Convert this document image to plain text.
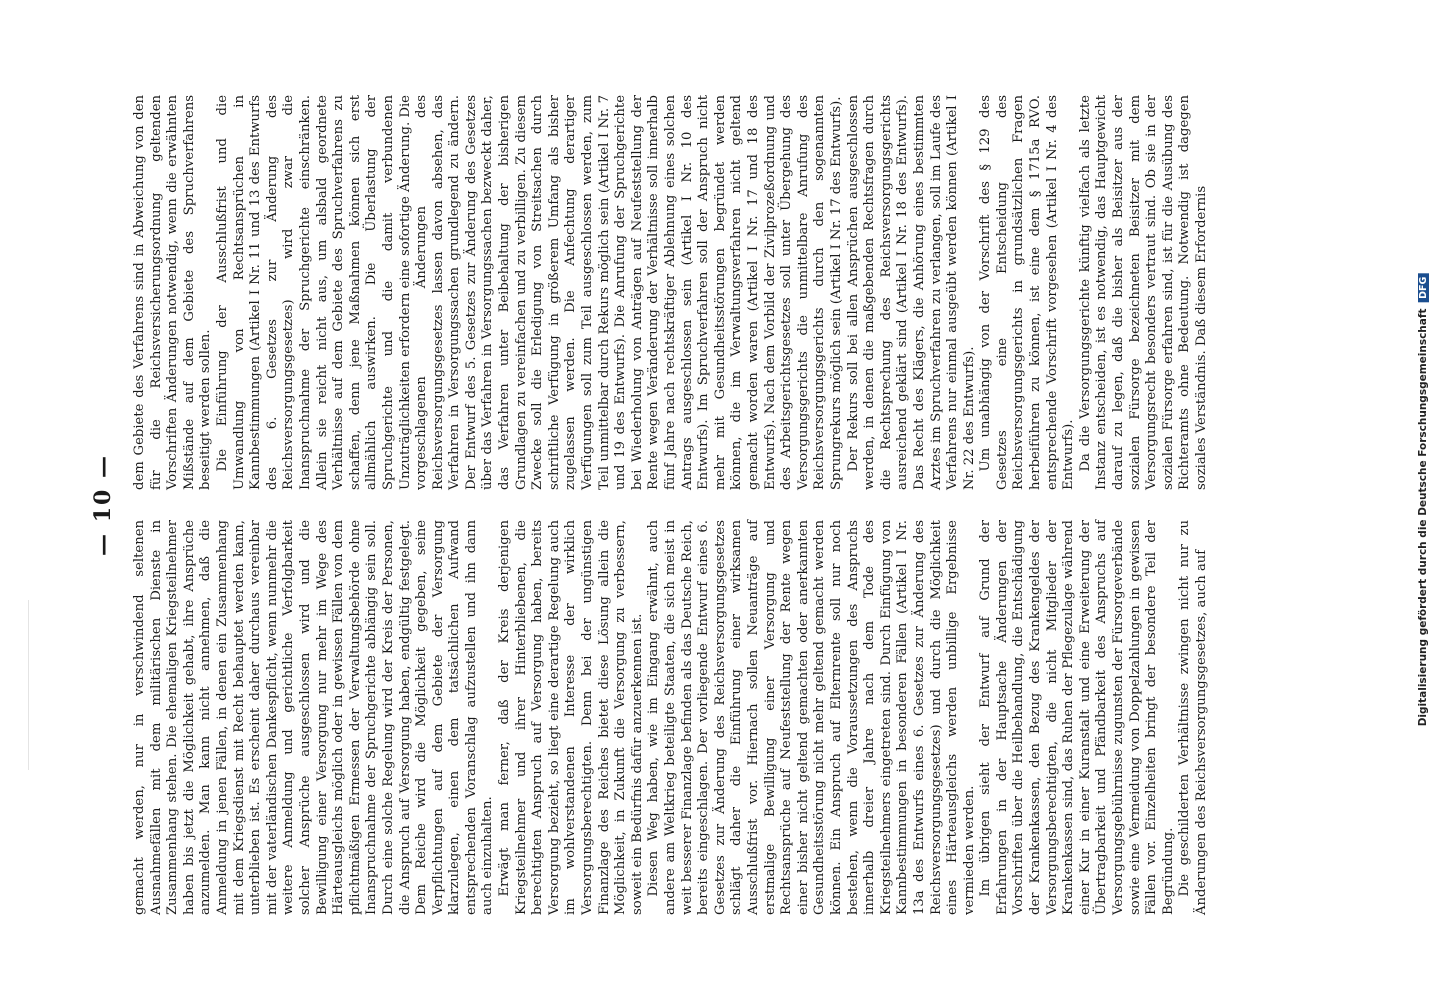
— 10 —

gemacht werden, nur in verschwindend seltenen Ausnahmefällen mit dem militärischen Dienste in Zusammenhang stehen. Die ehemaligen Kriegsteilnehmer haben bis jetzt die Möglichkeit gehabt, ihre Ansprüche anzumelden. Man kann nicht annehmen, daß die Anmeldung in jenen Fällen, in denen ein Zusammenhang mit dem Kriegsdienst mit Recht behauptet werden kann, unterblieben ist. Es erscheint daher durchaus vereinbar mit der vaterländischen Dankespflicht, wenn nunmehr die weitere Anmeldung und gerichtliche Verfolgbarkeit solcher Ansprüche ausgeschlossen wird und die Bewilligung einer Versorgung nur mehr im Wege des Härteausgleichs möglich oder in gewissen Fällen von dem pflichtmäßigen Ermessen der Verwaltungsbehörde ohne Inanspruchnahme der Spruchgerichte abhängig sein soll. Durch eine solche Regelung wird der Kreis der Personen, die Anspruch auf Versorgung haben, endgültig festgelegt. Dem Reiche wird die Möglichkeit gegeben, seine Verpflichtungen auf dem Gebiete der Versorgung klarzulegen, einen dem tatsächlichen Aufwand entsprechenden Voranschlag aufzustellen und ihn dann auch einzuhalten. Erwägt man ferner, daß der Kreis derjenigen Kriegsteilnehmer und ihrer Hinterbliebenen, die berechtigten Anspruch auf Versorgung haben, bereits Versorgung bezieht, so liegt eine derartige Regelung auch im wohlverstandenen Interesse der wirklich Versorgungsberechtigten. Denn bei der ungünstigen Finanzlage des Reiches bietet diese Lösung allein die Möglichkeit, in Zukunft die Versorgung zu verbessern, soweit ein Bedürfnis dafür anzuerkennen ist. Diesen Weg haben, wie im Eingang erwähnt, auch andere am Weltkrieg beteiligte Staaten, die sich meist in weit besserer Finanzlage befinden als das Deutsche Reich, bereits eingeschlagen. Der vorliegende Entwurf eines 6. Gesetzes zur Änderung des Reichsversorgungsgesetzes schlägt daher die Einführung einer wirksamen Ausschlußfrist vor. Hiernach sollen Neuanträge auf erstmalige Bewilligung einer Versorgung und Rechtsansprüche auf Neufeststellung der Rente wegen einer bisher nicht geltend gemachten oder anerkannten Gesundheitsstörung nicht mehr geltend gemacht werden können. Ein Anspruch auf Elternrente soll nur noch bestehen, wenn die Voraussetzungen des Anspruchs innerhalb dreier Jahre nach dem Tode des Kriegsteilnehmers eingetreten sind. Durch Einfügung von Kannbestimmungen in besonderen Fällen (Artikel I Nr. 13a des Entwurfs eines 6. Gesetzes zur Änderung des Reichsversorgungsgesetzes) und durch die Möglichkeit eines Härteausgleichs werden unbillige Ergebnisse vermieden werden. Im übrigen sieht der Entwurf auf Grund der Erfahrungen in der Hauptsache Änderungen der Vorschriften über die Heilbehandlung, die Entschädigung der Krankenkassen, den Bezug des Krankengeldes der Versorgungsberechtigten, die nicht Mitglieder der Krankenkassen sind, das Ruhen der Pflegezulage während einer Kur in einer Kuranstalt und eine Erweiterung der Übertragbarkeit und Pfändbarkeit des Anspruchs auf Versorgungsgebührnisse zugunsten der Fürsorgeverbände sowie eine Vermeidung von Doppelzahlungen in gewissen Fällen vor. Einzelheiten bringt der besondere Teil der Begründung. Die geschilderten Verhältnisse zwingen nicht nur zu Änderungen des Reichsversorgungsgesetzes, auch auf

dem Gebiete des Verfahrens sind in Abweichung von den für die Reichsversicherungsordnung geltenden Vorschriften Änderungen notwendig, wenn die erwähnten Mißstände auf dem Gebiete des Spruchverfahrens beseitigt werden sollen. Die Einführung der Ausschlußfrist und die Umwandlung von Rechtsansprüchen in Kannbestimmungen (Artikel I Nr. 11 und 13 des Entwurfs des 6. Gesetzes zur Änderung des Reichsversorgungsgesetzes) wird zwar die Inanspruchnahme der Spruchgerichte einschränken. Allein sie reicht nicht aus, um alsbald geordnete Verhältnisse auf dem Gebiete des Spruchverfahrens zu schaffen, denn jene Maßnahmen können sich erst allmählich auswirken. Die Überlastung der Spruchgerichte und die damit verbundenen Unzuträglichkeiten erfordern eine sofortige Änderung. Die vorgeschlagenen Änderungen des Reichsversorgungsgesetzes lassen davon absehen, das Verfahren in Versorgungssachen grundlegend zu ändern. Der Entwurf des 5. Gesetzes zur Änderung des Gesetzes über das Verfahren in Versorgungssachen bezweckt daher, das Verfahren unter Beibehaltung der bisherigen Grundlagen zu vereinfachen und zu verbilligen. Zu diesem Zwecke soll die Erledigung von Streitsachen durch schriftliche Verfügung in größerem Umfang als bisher zugelassen werden. Die Anfechtung derartiger Verfügungen soll zum Teil ausgeschlossen werden, zum Teil unmittelbar durch Rekurs möglich sein (Artikel I Nr. 7 und 19 des Entwurfs). Die Anrufung der Spruchgerichte bei Wiederholung von Anträgen auf Neufeststellung der Rente wegen Veränderung der Verhältnisse soll innerhalb fünf Jahre nach rechtskräftiger Ablehnung eines solchen Antrags ausgeschlossen sein (Artikel I Nr. 10 des Entwurfs). Im Spruchverfahren soll der Anspruch nicht mehr mit Gesundheitsstörungen begründet werden können, die im Verwaltungsverfahren nicht geltend gemacht worden waren (Artikel I Nr. 17 und 18 des Entwurfs). Nach dem Vorbild der Zivilprozeßordnung und des Arbeitsgerichtsgesetzes soll unter Übergehung des Versorgungsgerichts die unmittelbare Anrufung des Reichsversorgungsgerichts durch den sogenannten Sprungrekurs möglich sein (Artikel I Nr. 17 des Entwurfs). Der Rekurs soll bei allen Ansprüchen ausgeschlossen werden, in denen die maßgebenden Rechtsfragen durch die Rechtsprechung des Reichsversorgungsgerichts ausreichend geklärt sind (Artikel I Nr. 18 des Entwurfs). Das Recht des Klägers, die Anhörung eines bestimmten Arztes im Spruchverfahren zu verlangen, soll im Laufe des Verfahrens nur einmal ausgeübt werden können (Artikel I Nr. 22 des Entwurfs). Um unabhängig von der Vorschrift des § 129 des Gesetzes eine Entscheidung des Reichsversorgungsgerichts in grundsätzlichen Fragen herbeiführen zu können, ist eine dem § 1715a RVO. entsprechende Vorschrift vorgesehen (Artikel I Nr. 4 des Entwurfs). Da die Versorgungsgerichte künftig vielfach als letzte Instanz entscheiden, ist es notwendig, das Hauptgewicht darauf zu legen, daß die bisher als Beisitzer aus der sozialen Fürsorge bezeichneten Beisitzer mit dem Versorgungsrecht besonders vertraut sind. Ob sie in der sozialen Fürsorge erfahren sind, ist für die Ausübung des Richteramts ohne Bedeutung. Notwendig ist dagegen soziales Verständnis. Daß diesem Erfordernis	Digitalisierung gefördert durch die Deutsche Forschungsgemeinschaft DFG
